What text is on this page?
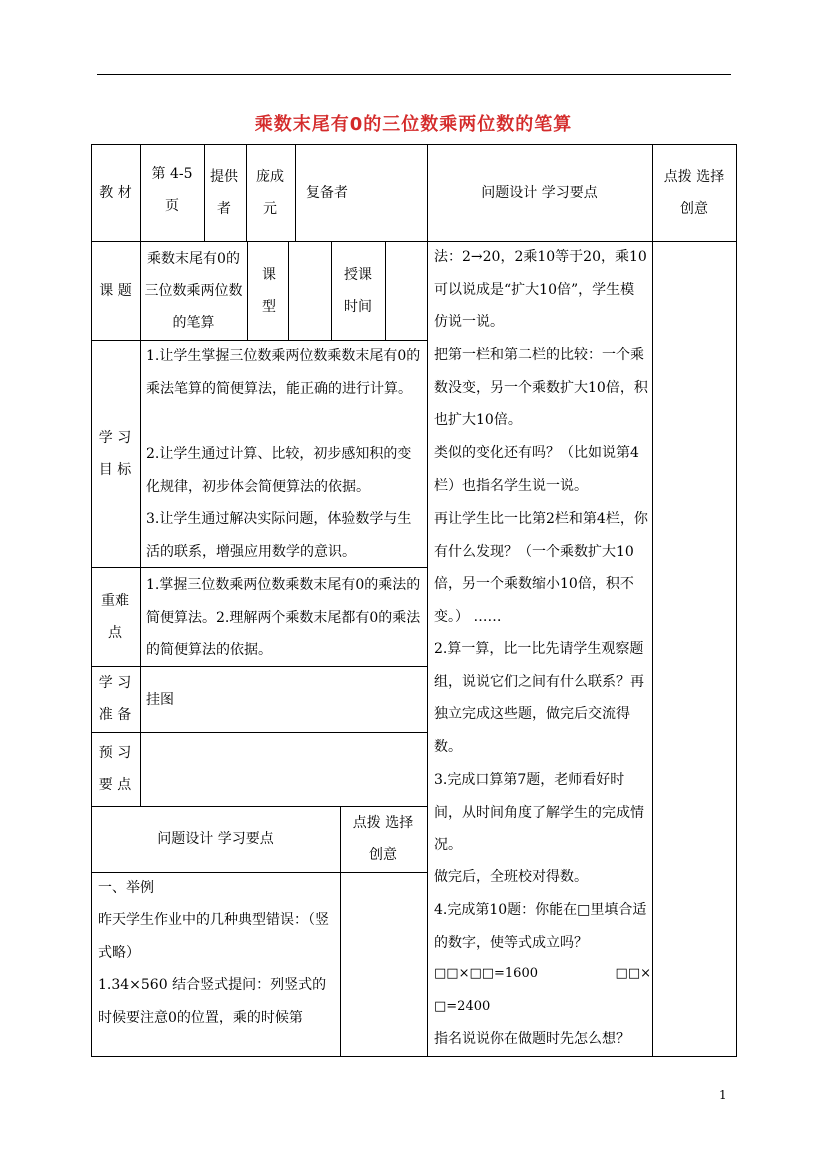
乘数末尾有0的三位数乘两位数的笔算
教 材
第 4-5 页
提供者
庞成元
复备者	问题设计 学习要点
点拨 选择 创意
课 题
乘数末尾有0的三位数乘两位数的笔算
课 型
授课时间
学 习 目 标
1.让学生掌握三位数乘两位数乘数末尾有0的乘法笔算的简便算法，能正确的进行计算。
2.让学生通过计算、比较，初步感知积的变化规律，初步体会简便算法的依据。
3.让学生通过解决实际问题，体验数学与生活的联系，增强应用数学的意识。
重难 点
1.掌握三位数乘两位数乘数末尾有0的乘法的简便算法。2.理解两个乘数末尾都有0的乘法的简便算法的依据。
学 习 准 备
挂图
预 习 要 点
问题设计 学习要点
点拨 选择 创意
一、举例
昨天学生作业中的几种典型错误：（竖式略）
1.34×560 结合竖式提问：列竖式的时候要注意0的位置，乘的时候第
法：2→20，2乘10等于20，乘10可以说成是“扩大10倍”，学生模仿说一说。
把第一栏和第二栏的比较：一个乘数没变，另一个乘数扩大10倍，积也扩大10倍。
类似的变化还有吗？（比如说第4栏）也指名学生说一说。
再让学生比一比第2栏和第4栏，你有什么发现？（一个乘数扩大10倍，另一个乘数缩小10倍，积不变。） ……
2.算一算，比一比先请学生观察题组，说说它们之间有什么联系？再独立完成这些题，做完后交流得数。
3.完成口算第7题，老师看好时间，从时间角度了解学生的完成情况。
做完后，全班校对得数。
4.完成第10题：你能在□里填合适的数字，使等式成立吗？
□□×□□=1600	□□×
□=2400
指名说说你在做题时先怎么想？
1
